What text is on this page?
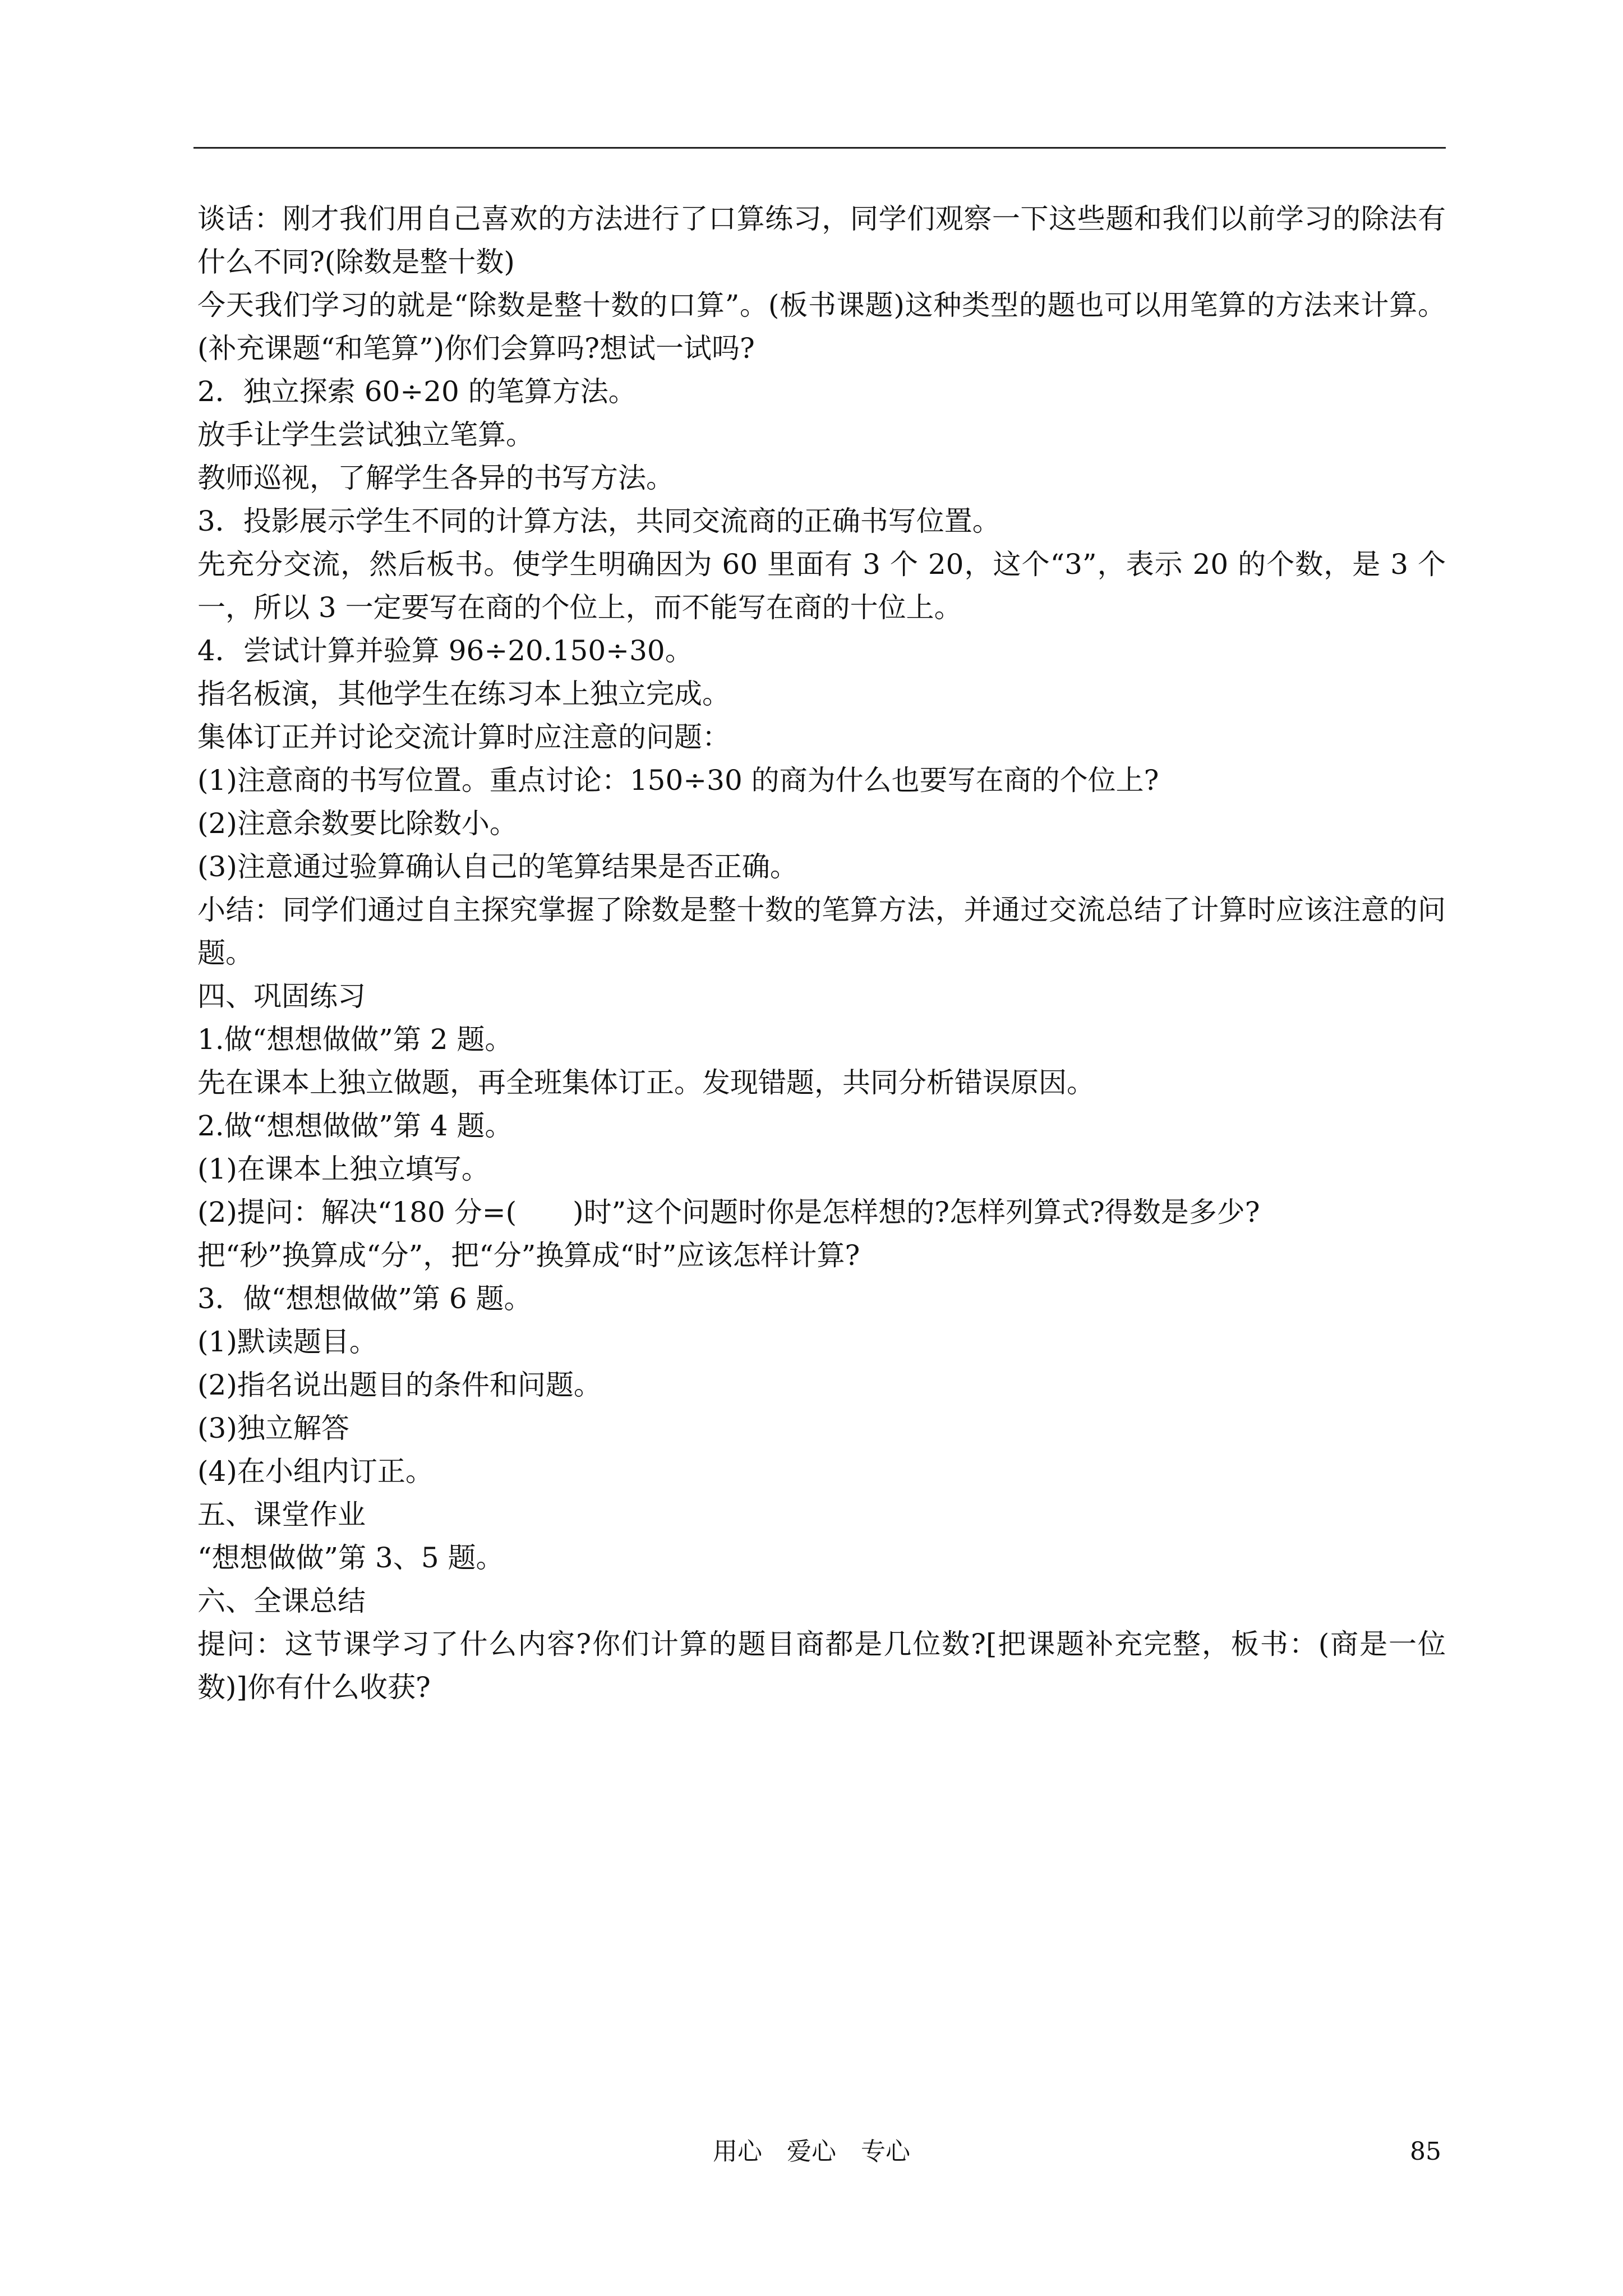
谈话：刚才我们用自己喜欢的方法进行了口算练习，同学们观察一下这些题和我们以前学习的除法有什么不同?(除数是整十数)

今天我们学习的就是“除数是整十数的口算”。(板书课题)这种类型的题也可以用笔算的方法来计算。(补充课题“和笔算”)你们会算吗?想试一试吗?

2．独立探索 60÷20 的笔算方法。

放手让学生尝试独立笔算。

教师巡视，了解学生各异的书写方法。

3．投影展示学生不同的计算方法，共同交流商的正确书写位置。

先充分交流，然后板书。使学生明确因为 60 里面有 3 个 20，这个“3”，表示 20 的个数，是 3 个一，所以 3 一定要写在商的个位上，而不能写在商的十位上。

4．尝试计算并验算 96÷20.150÷30。

指名板演，其他学生在练习本上独立完成。

集体订正并讨论交流计算时应注意的问题：

(1)注意商的书写位置。重点讨论：150÷30 的商为什么也要写在商的个位上?

(2)注意余数要比除数小。

(3)注意通过验算确认自己的笔算结果是否正确。

小结：同学们通过自主探究掌握了除数是整十数的笔算方法，并通过交流总结了计算时应该注意的问题。

四、巩固练习

1.做“想想做做”第 2 题。

先在课本上独立做题，再全班集体订正。发现错题，共同分析错误原因。

2.做“想想做做”第 4 题。

(1)在课本上独立填写。

(2)提问：解决“180 分=(　　)时”这个问题时你是怎样想的?怎样列算式?得数是多少?

把“秒”换算成“分”，把“分”换算成“时”应该怎样计算?

3．做“想想做做”第 6 题。

(1)默读题目。

(2)指名说出题目的条件和问题。

(3)独立解答

(4)在小组内订正。

五、课堂作业

“想想做做”第 3、5 题。

六、全课总结

提问：这节课学习了什么内容?你们计算的题目商都是几位数?[把课题补充完整，板书：(商是一位数)]你有什么收获?

用心　爱心　专心	85
